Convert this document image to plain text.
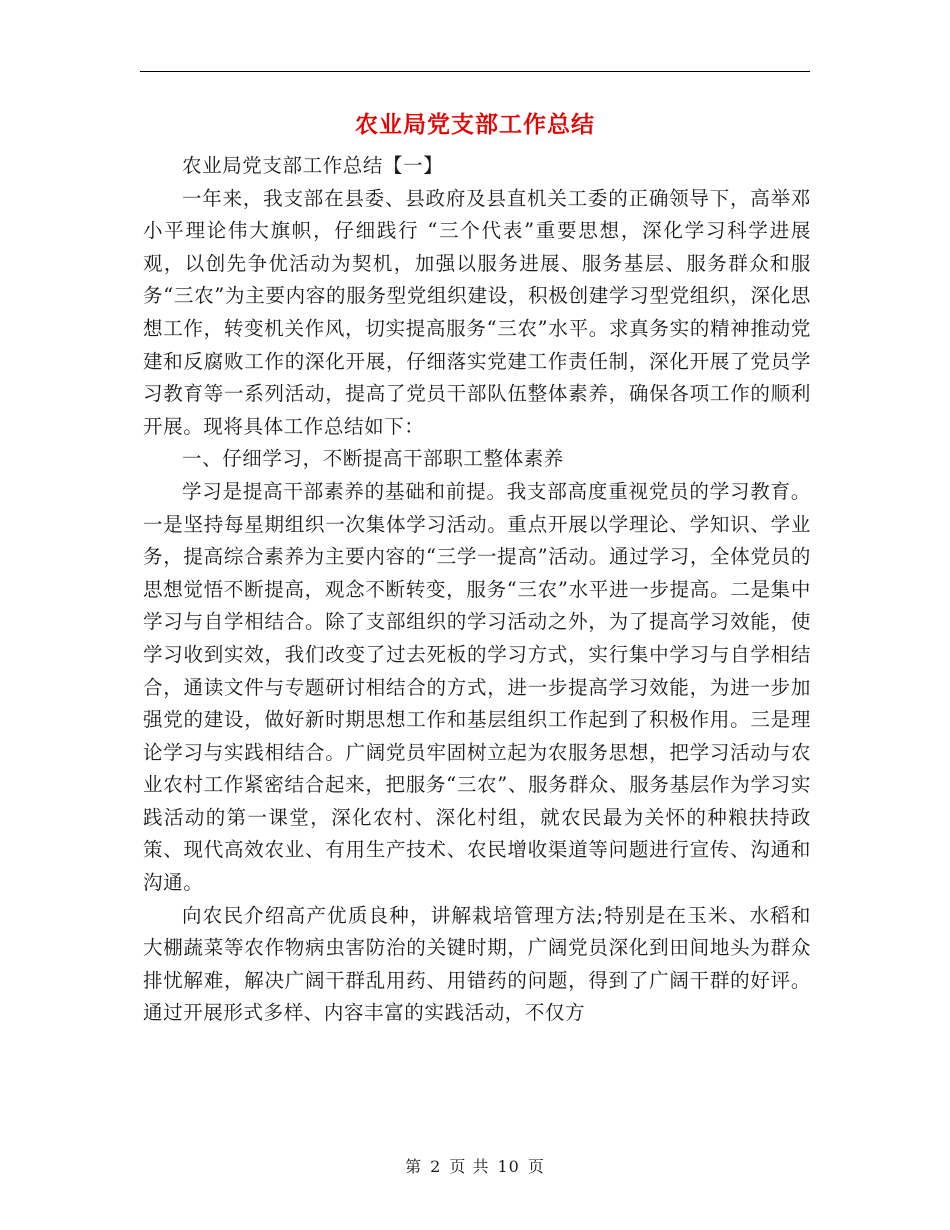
农业局党支部工作总结

农业局党支部工作总结【一】

一年来，我支部在县委、县政府及县直机关工委的正确领导下，高举邓小平理论伟大旗帜，仔细践行 “三个代表”重要思想，深化学习科学进展观，以创先争优活动为契机，加强以服务进展、服务基层、服务群众和服务“三农”为主要内容的服务型党组织建设，积极创建学习型党组织，深化思想工作，转变机关作风，切实提高服务“三农”水平。求真务实的精神推动党建和反腐败工作的深化开展，仔细落实党建工作责任制，深化开展了党员学习教育等一系列活动，提高了党员干部队伍整体素养，确保各项工作的顺利开展。现将具体工作总结如下：

一、仔细学习，不断提高干部职工整体素养

学习是提高干部素养的基础和前提。我支部高度重视党员的学习教育。一是坚持每星期组织一次集体学习活动。重点开展以学理论、学知识、学业务，提高综合素养为主要内容的“三学一提高”活动。通过学习，全体党员的思想觉悟不断提高，观念不断转变，服务“三农”水平进一步提高。二是集中学习与自学相结合。除了支部组织的学习活动之外，为了提高学习效能，使学习收到实效，我们改变了过去死板的学习方式，实行集中学习与自学相结合，通读文件与专题研讨相结合的方式，进一步提高学习效能，为进一步加强党的建设，做好新时期思想工作和基层组织工作起到了积极作用。三是理论学习与实践相结合。广阔党员牢固树立起为农服务思想，把学习活动与农业农村工作紧密结合起来，把服务“三农”、服务群众、服务基层作为学习实践活动的第一课堂，深化农村、深化村组，就农民最为关怀的种粮扶持政策、现代高效农业、有用生产技术、农民增收渠道等问题进行宣传、沟通和沟通。

向农民介绍高产优质良种，讲解栽培管理方法;特别是在玉米、水稻和大棚蔬菜等农作物病虫害防治的关键时期，广阔党员深化到田间地头为群众排忧解难，解决广阔干群乱用药、用错药的问题，得到了广阔干群的好评。通过开展形式多样、内容丰富的实践活动，不仅方

第 2 页 共 10 页
